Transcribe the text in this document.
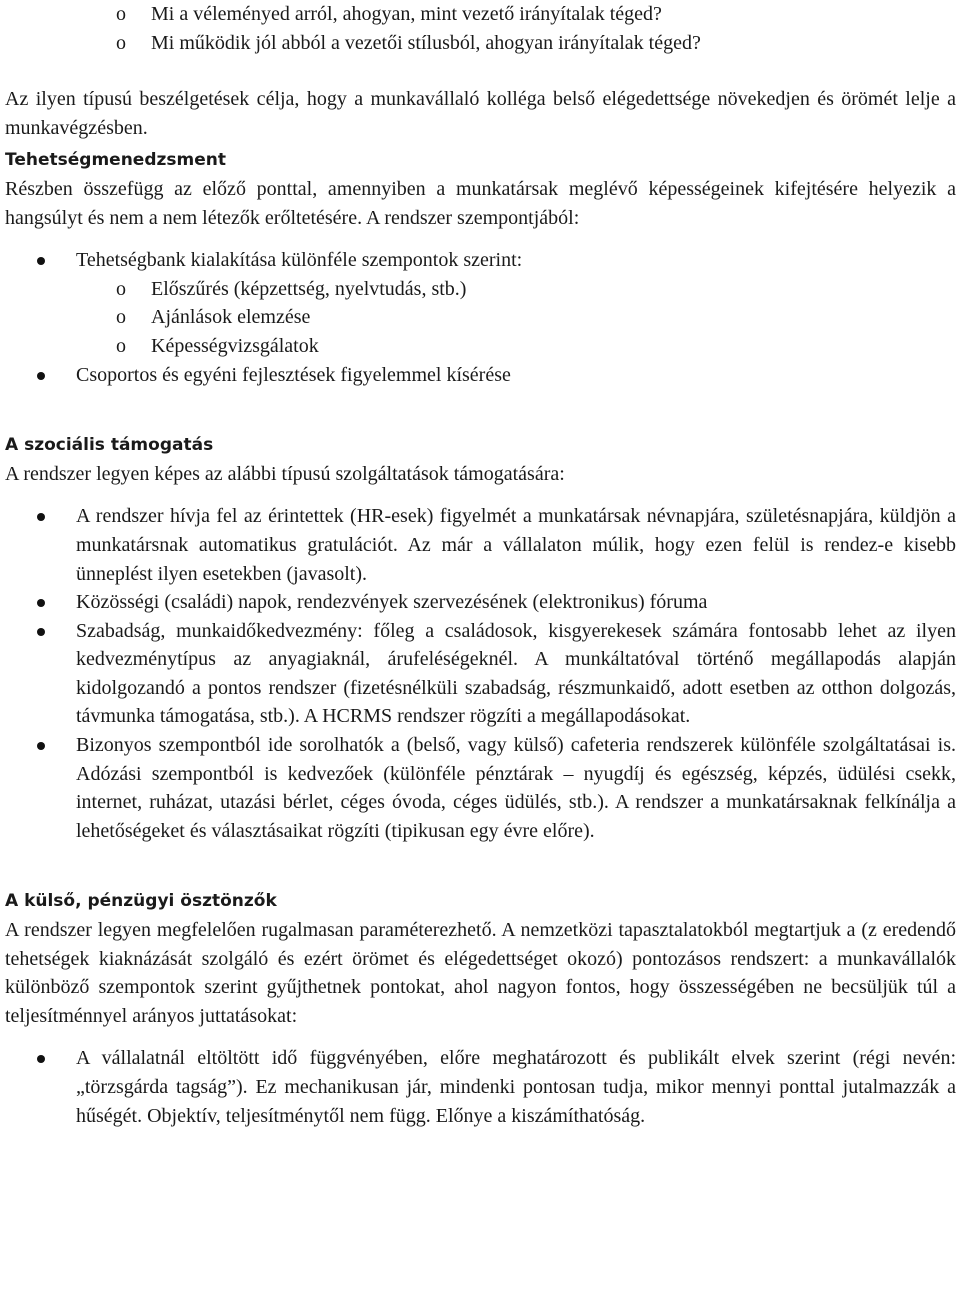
o Mi a véleményed arról, ahogyan, mint vezető irányítalak téged?
o Mi működik jól abból a vezetői stílusból, ahogyan irányítalak téged?

Az ilyen típusú beszélgetések célja, hogy a munkavállaló kolléga belső elégedettsége növekedjen és örömét lelje a munkavégzésben.

Tehetségmenedzsment

Részben összefügg az előző ponttal, amennyiben a munkatársak meglévő képességeinek kifejtésére helyezik a hangsúlyt és nem a nem létezők erőltetésére. A rendszer szempontjából:

Tehetségbank kialakítása különféle szempontok szerint:
o Előszűrés (képzettség, nyelvtudás, stb.)
o Ajánlások elemzése
o Képességvizsgálatok
Csoportos és egyéni fejlesztések figyelemmel kísérése
A szociális támogatás

A rendszer legyen képes az alábbi típusú szolgáltatások támogatására:

A rendszer hívja fel az érintettek (HR-esek) figyelmét a munkatársak névnapjára, születésnapjára, küldjön a munkatársnak automatikus gratulációt. Az már a vállalaton múlik, hogy ezen felül is rendez-e kisebb ünneplést ilyen esetekben (javasolt).
Közösségi (családi) napok, rendezvények szervezésének (elektronikus) fóruma
Szabadság, munkaidőkedvezmény: főleg a családosok, kisgyerekesek számára fontosabb lehet az ilyen kedvezménytípus az anyagiaknál, árufeléségeknél. A munkáltatóval történő megállapodás alapján kidolgozandó a pontos rendszer (fizetésnélküli szabadság, részmunkaidő, adott esetben az otthon dolgozás, távmunka támogatása, stb.). A HCRMS rendszer rögzíti a megállapodásokat.
Bizonyos szempontból ide sorolhatók a (belső, vagy külső) cafeteria rendszerek különféle szolgáltatásai is. Adózási szempontból is kedvezőek (különféle pénztárak – nyugdíj és egészség, képzés, üdülési csekk, internet, ruházat, utazási bérlet, céges óvoda, céges üdülés, stb.). A rendszer a munkatársaknak felkínálja a lehetőségeket és választásaikat rögzíti (tipikusan egy évre előre).
A külső, pénzügyi ösztönzők

A rendszer legyen megfelelően rugalmasan paraméterezhető. A nemzetközi tapasztalatokból megtartjuk a (z eredendő tehetségek kiaknázását szolgáló és ezért örömet és elégedettséget okozó) pontozásos rendszert: a munkavállalók különböző szempontok szerint gyűjthetnek pontokat, ahol nagyon fontos, hogy összességében ne becsüljük túl a teljesítménnyel arányos juttatásokat:

A vállalatnál eltöltött idő függvényében, előre meghatározott és publikált elvek szerint (régi nevén: „törzsgárda tagság”). Ez mechanikusan jár, mindenki pontosan tudja, mikor mennyi ponttal jutalmazzák a hűségét. Objektív, teljesítménytől nem függ. Előnye a kiszámíthatóság.
